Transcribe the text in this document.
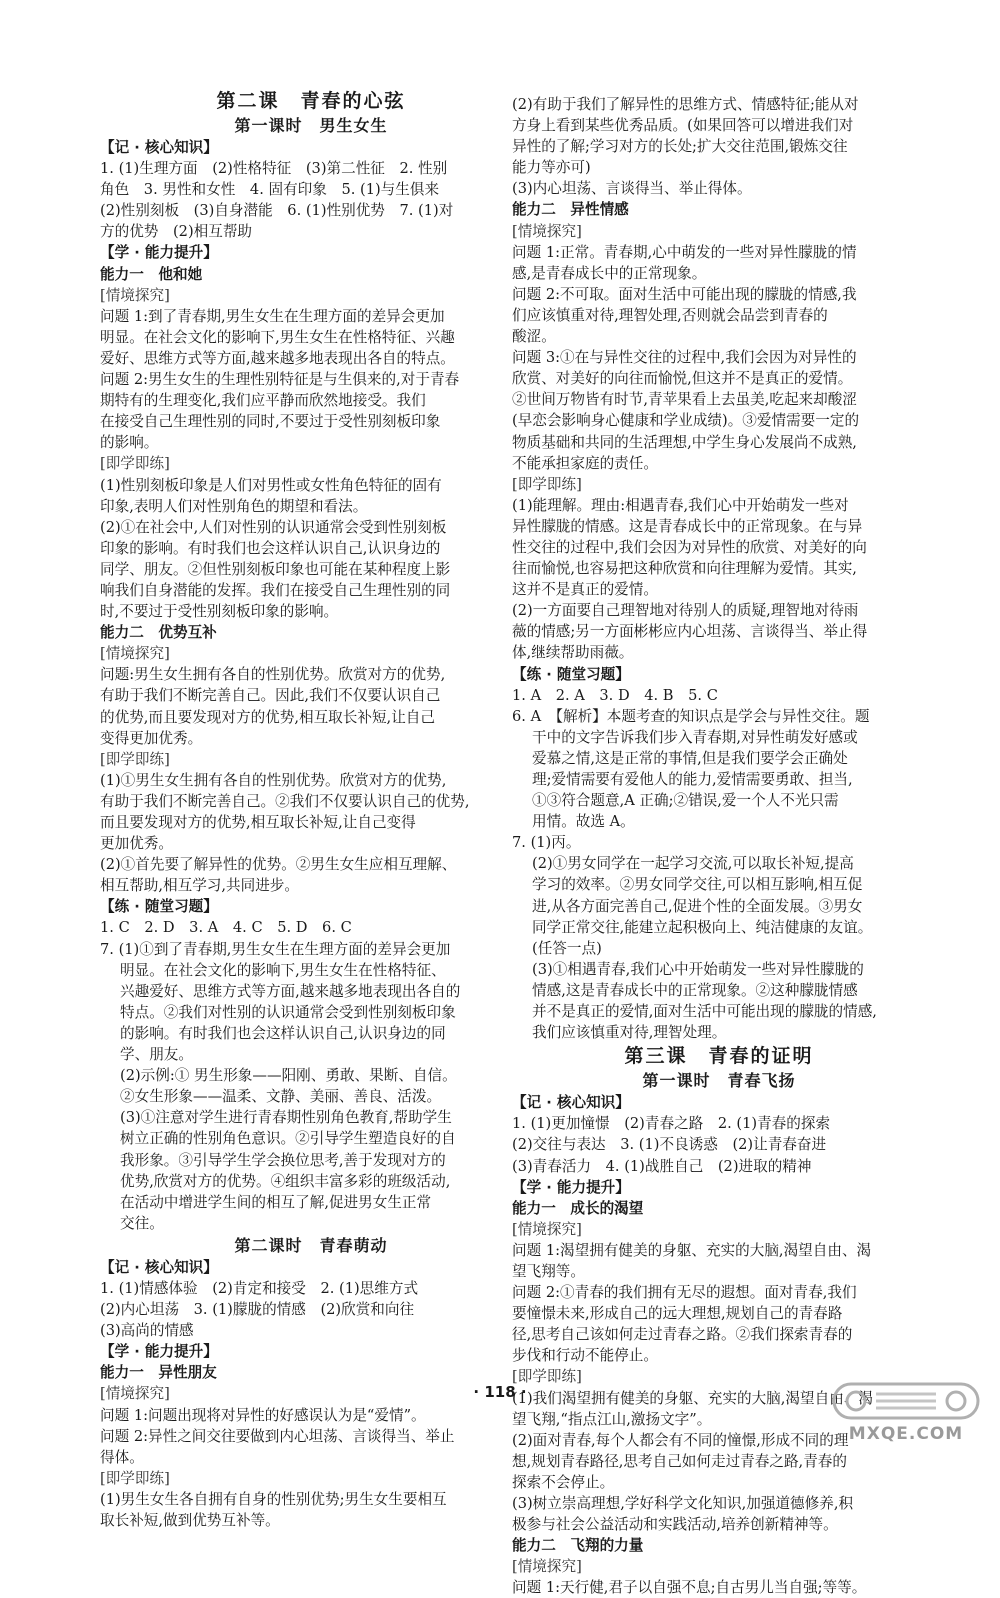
第二课　青春的心弦
第一课时　男生女生
【记 · 核心知识】
1. (1)生理方面　(2)性格特征　(3)第二性征　2. 性别
角色　3. 男性和女性　4. 固有印象　5. (1)与生俱来
(2)性别刻板　(3)自身潜能　6. (1)性别优势　7. (1)对
方的优势　(2)相互帮助
【学 · 能力提升】
能力一　他和她
[情境探究]
问题 1:到了青春期,男生女生在生理方面的差异会更加
明显。在社会文化的影响下,男生女生在性格特征、兴趣
爱好、思维方式等方面,越来越多地表现出各自的特点。
问题 2:男生女生的生理性别特征是与生俱来的,对于青春
期特有的生理变化,我们应平静而欣然地接受。我们
在接受自己生理性别的同时,不要过于受性别刻板印象
的影响。
[即学即练]
(1)性别刻板印象是人们对男性或女性角色特征的固有
印象,表明人们对性别角色的期望和看法。
(2)①在社会中,人们对性别的认识通常会受到性别刻板
印象的影响。有时我们也会这样认识自己,认识身边的
同学、朋友。②但性别刻板印象也可能在某种程度上影
响我们自身潜能的发挥。我们在接受自己生理性别的同
时,不要过于受性别刻板印象的影响。
能力二　优势互补
[情境探究]
问题:男生女生拥有各自的性别优势。欣赏对方的优势,
有助于我们不断完善自己。因此,我们不仅要认识自己
的优势,而且要发现对方的优势,相互取长补短,让自己
变得更加优秀。
[即学即练]
(1)①男生女生拥有各自的性别优势。欣赏对方的优势,
有助于我们不断完善自己。②我们不仅要认识自己的优势,
而且要发现对方的优势,相互取长补短,让自己变得
更加优秀。
(2)①首先要了解异性的优势。②男生女生应相互理解、
相互帮助,相互学习,共同进步。
【练 · 随堂习题】
1. C　2. D　3. A　4. C　5. D　6. C
7. (1)①到了青春期,男生女生在生理方面的差异会更加
明显。在社会文化的影响下,男生女生在性格特征、
兴趣爱好、思维方式等方面,越来越多地表现出各自的
特点。②我们对性别的认识通常会受到性别刻板印象
的影响。有时我们也会这样认识自己,认识身边的同
学、朋友。
(2)示例:① 男生形象——阳刚、勇敢、果断、自信。
②女生形象——温柔、文静、美丽、善良、活泼。
(3)①注意对学生进行青春期性别角色教育,帮助学生
树立正确的性别角色意识。②引导学生塑造良好的自
我形象。③引导学生学会换位思考,善于发现对方的
优势,欣赏对方的优势。④组织丰富多彩的班级活动,
在活动中增进学生间的相互了解,促进男女生正常
交往。
第二课时　青春萌动
【记 · 核心知识】
1. (1)情感体验　(2)肯定和接受　2. (1)思维方式
(2)内心坦荡　3. (1)朦胧的情感　(2)欣赏和向往
(3)高尚的情感
【学 · 能力提升】
能力一　异性朋友
[情境探究]
问题 1:问题出现将对异性的好感误认为是“爱情”。
问题 2:异性之间交往要做到内心坦荡、言谈得当、举止
得体。
[即学即练]
(1)男生女生各自拥有自身的性别优势;男生女生要相互
取长补短,做到优势互补等。
(2)有助于我们了解异性的思维方式、情感特征;能从对
方身上看到某些优秀品质。(如果回答可以增进我们对
异性的了解;学习对方的长处;扩大交往范围,锻炼交往
能力等亦可)
(3)内心坦荡、言谈得当、举止得体。
能力二　异性情感
[情境探究]
问题 1:正常。青春期,心中萌发的一些对异性朦胧的情
感,是青春成长中的正常现象。
问题 2:不可取。面对生活中可能出现的朦胧的情感,我
们应该慎重对待,理智处理,否则就会品尝到青春的
酸涩。
问题 3:①在与异性交往的过程中,我们会因为对异性的
欣赏、对美好的向往而愉悦,但这并不是真正的爱情。
②世间万物皆有时节,青苹果看上去虽美,吃起来却酸涩
(早恋会影响身心健康和学业成绩)。③爱情需要一定的
物质基础和共同的生活理想,中学生身心发展尚不成熟,
不能承担家庭的责任。
[即学即练]
(1)能理解。理由:相遇青春,我们心中开始萌发一些对
异性朦胧的情感。这是青春成长中的正常现象。在与异
性交往的过程中,我们会因为对异性的欣赏、对美好的向
往而愉悦,也容易把这种欣赏和向往理解为爱情。其实,
这并不是真正的爱情。
(2)一方面要自己理智地对待别人的质疑,理智地对待雨
薇的情感;另一方面彬彬应内心坦荡、言谈得当、举止得
体,继续帮助雨薇。
【练 · 随堂习题】
1. A　2. A　3. D　4. B　5. C
6. A　【解析】本题考查的知识点是学会与异性交往。题
干中的文字告诉我们步入青春期,对异性萌发好感或
爱慕之情,这是正常的事情,但是我们要学会正确处
理;爱情需要有爱他人的能力,爱情需要勇敢、担当,
①③符合题意,A 正确;②错误,爱一个人不光只需
用情。故选 A。
7. (1)丙。
(2)①男女同学在一起学习交流,可以取长补短,提高
学习的效率。②男女同学交往,可以相互影响,相互促
进,从各方面完善自己,促进个性的全面发展。③男女
同学正常交往,能建立起积极向上、纯洁健康的友谊。
(任答一点)
(3)①相遇青春,我们心中开始萌发一些对异性朦胧的
情感,这是青春成长中的正常现象。②这种朦胧情感
并不是真正的爱情,面对生活中可能出现的朦胧的情感,
我们应该慎重对待,理智处理。
第三课　青春的证明
第一课时　青春飞扬
【记 · 核心知识】
1. (1)更加憧憬　(2)青春之路　2. (1)青春的探索
(2)交往与表达　3. (1)不良诱惑　(2)让青春奋进
(3)青春活力　4. (1)战胜自己　(2)进取的精神
【学 · 能力提升】
能力一　成长的渴望
[情境探究]
问题 1:渴望拥有健美的身躯、充实的大脑,渴望自由、渴
望飞翔等。
问题 2:①青春的我们拥有无尽的遐想。面对青春,我们
要憧憬未来,形成自己的远大理想,规划自己的青春路
径,思考自己该如何走过青春之路。②我们探索青春的
步伐和行动不能停止。
[即学即练]
(1)我们渴望拥有健美的身躯、充实的大脑,渴望自由、渴
望飞翔,“指点江山,激扬文字”。
(2)面对青春,每个人都会有不同的憧憬,形成不同的理
想,规划青春路径,思考自己如何走过青春之路,青春的
探索不会停止。
(3)树立崇高理想,学好科学文化知识,加强道德修养,积
极参与社会公益活动和实践活动,培养创新精神等。
能力二　飞翔的力量
[情境探究]
问题 1:天行健,君子以自强不息;自古男儿当自强;等等。
· 118 ·
MXQE.COM
